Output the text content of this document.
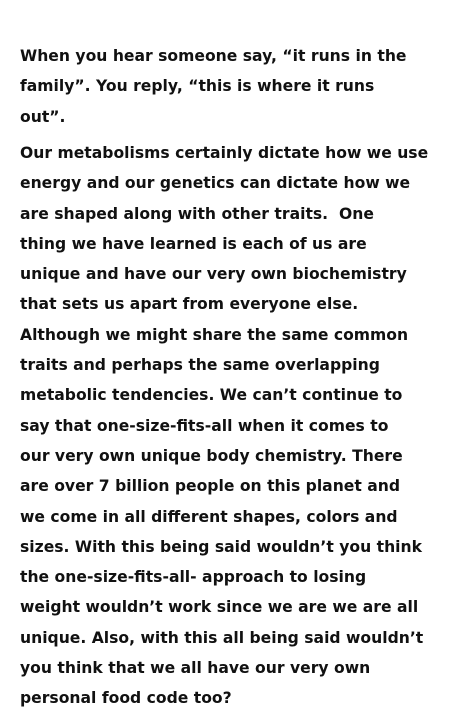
When you hear someone say, “it runs in the
family”. You reply, “this is where it runs
out”.
Our metabolisms certainly dictate how we use
energy and our genetics can dictate how we
are shaped along with other traits.  One
thing we have learned is each of us are
unique and have our very own biochemistry
that sets us apart from everyone else.
Although we might share the same common
traits and perhaps the same overlapping
metabolic tendencies. We can’t continue to
say that one-size-fits-all when it comes to
our very own unique body chemistry. There
are over 7 billion people on this planet and
we come in all different shapes, colors and
sizes. With this being said wouldn’t you think
the one-size-fits-all- approach to losing
weight wouldn’t work since we are we are all
unique. Also, with this all being said wouldn’t
you think that we all have our very own
personal food code too?
